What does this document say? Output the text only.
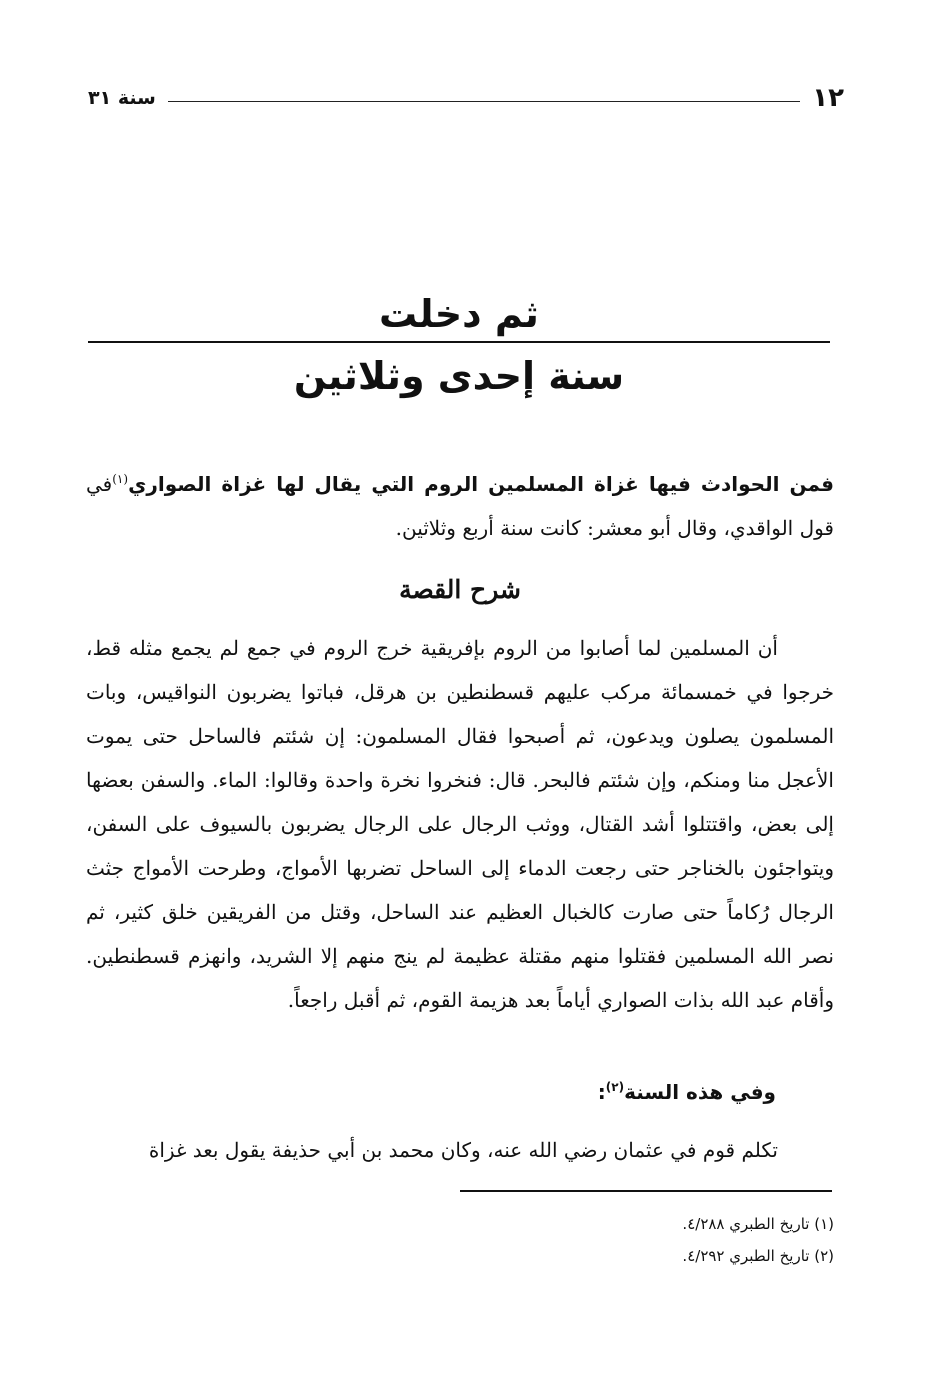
١٢
سنة ٣١
ثم دخلت
سنة إحدى وثلاثين

فمن الحوادث فيها غزاة المسلمين الروم التي يقال لها غزاة الصواري$^{(١)}$في قول الواقدي، وقال أبو معشر: كانت سنة أربع وثلاثين.

شرح القصة

أن المسلمين لما أصابوا من الروم بإفريقية خرج الروم في جمع لم يجمع مثله قط، خرجوا في خمسمائة مركب عليهم قسطنطين بن هرقل، فباتوا يضربون النواقيس، وبات المسلمون يصلون ويدعون، ثم أصبحوا فقال المسلمون: إن شئتم فالساحل حتى يموت الأعجل منا ومنكم، وإن شئتم فالبحر. قال: فنخروا نخرة واحدة وقالوا: الماء. والسفن بعضها إلى بعض، واقتتلوا أشد القتال، ووثب الرجال على الرجال يضربون بالسيوف على السفن، ويتواجئون بالخناجر حتى رجعت الدماء إلى الساحل تضربها الأمواج، وطرحت الأمواج جثث الرجال رُكاماً حتى صارت كالخبال العظيم عند الساحل، وقتل من الفريقين خلق كثير، ثم نصر الله المسلمين فقتلوا منهم مقتلة عظيمة لم ينج منهم إلا الشريد، وانهزم قسطنطين. وأقام عبد الله بذات الصواري أياماً بعد هزيمة القوم، ثم أقبل راجعاً.

وفي هذه السنة$^{(٢)}$:

تكلم قوم في عثمان رضي الله عنه، وكان محمد بن أبي حذيفة يقول بعد غزاة

(١) تاريخ الطبري ٤/٢٨٨.
(٢) تاريخ الطبري ٤/٢٩٢.
